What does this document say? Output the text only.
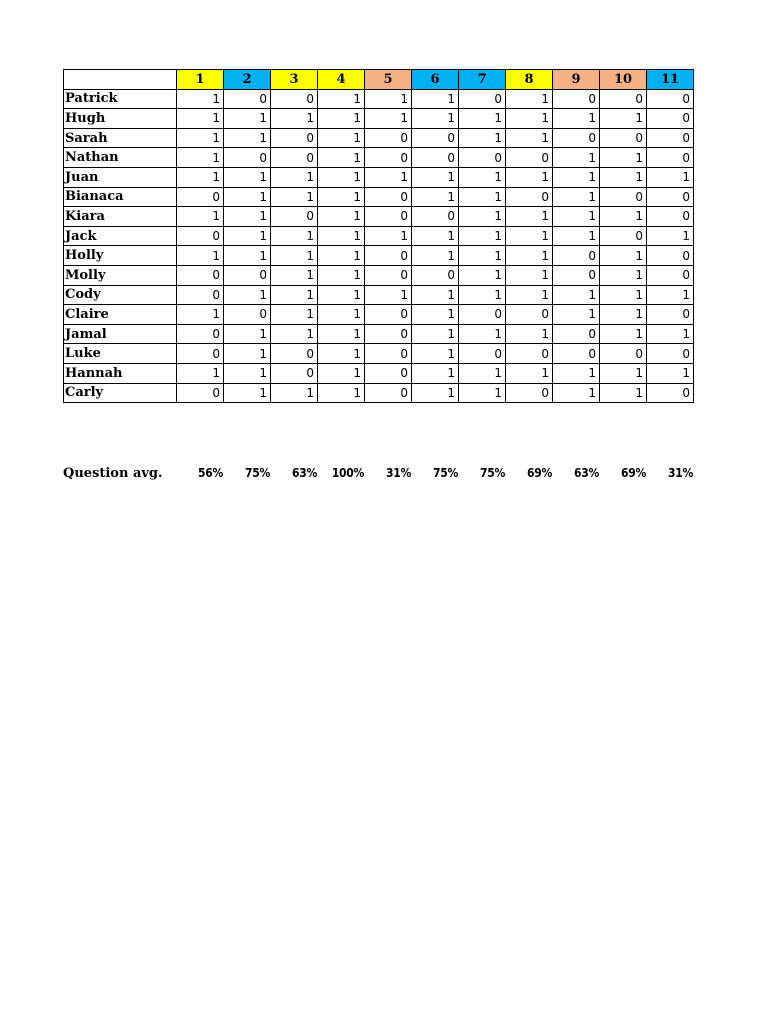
	1	2	3	4	5	6	7	8	9	10	11
Patrick	1	0	0	1	1	1	0	1	0	0	0
Hugh	1	1	1	1	1	1	1	1	1	1	0
Sarah	1	1	0	1	0	0	1	1	0	0	0
Nathan	1	0	0	1	0	0	0	0	1	1	0
Juan	1	1	1	1	1	1	1	1	1	1	1
Bianaca	0	1	1	1	0	1	1	0	1	0	0
Kiara	1	1	0	1	0	0	1	1	1	1	0
Jack	0	1	1	1	1	1	1	1	1	0	1
Holly	1	1	1	1	0	1	1	1	0	1	0
Molly	0	0	1	1	0	0	1	1	0	1	0
Cody	0	1	1	1	1	1	1	1	1	1	1
Claire	1	0	1	1	0	1	0	0	1	1	0
Jamal	0	1	1	1	0	1	1	1	0	1	1
Luke	0	1	0	1	0	1	0	0	0	0	0
Hannah	1	1	0	1	0	1	1	1	1	1	1
Carly	0	1	1	1	0	1	1	0	1	1	0
Question avg.	56%	75%	63%	100%	31%	75%	75%	69%	63%	69%	31%
